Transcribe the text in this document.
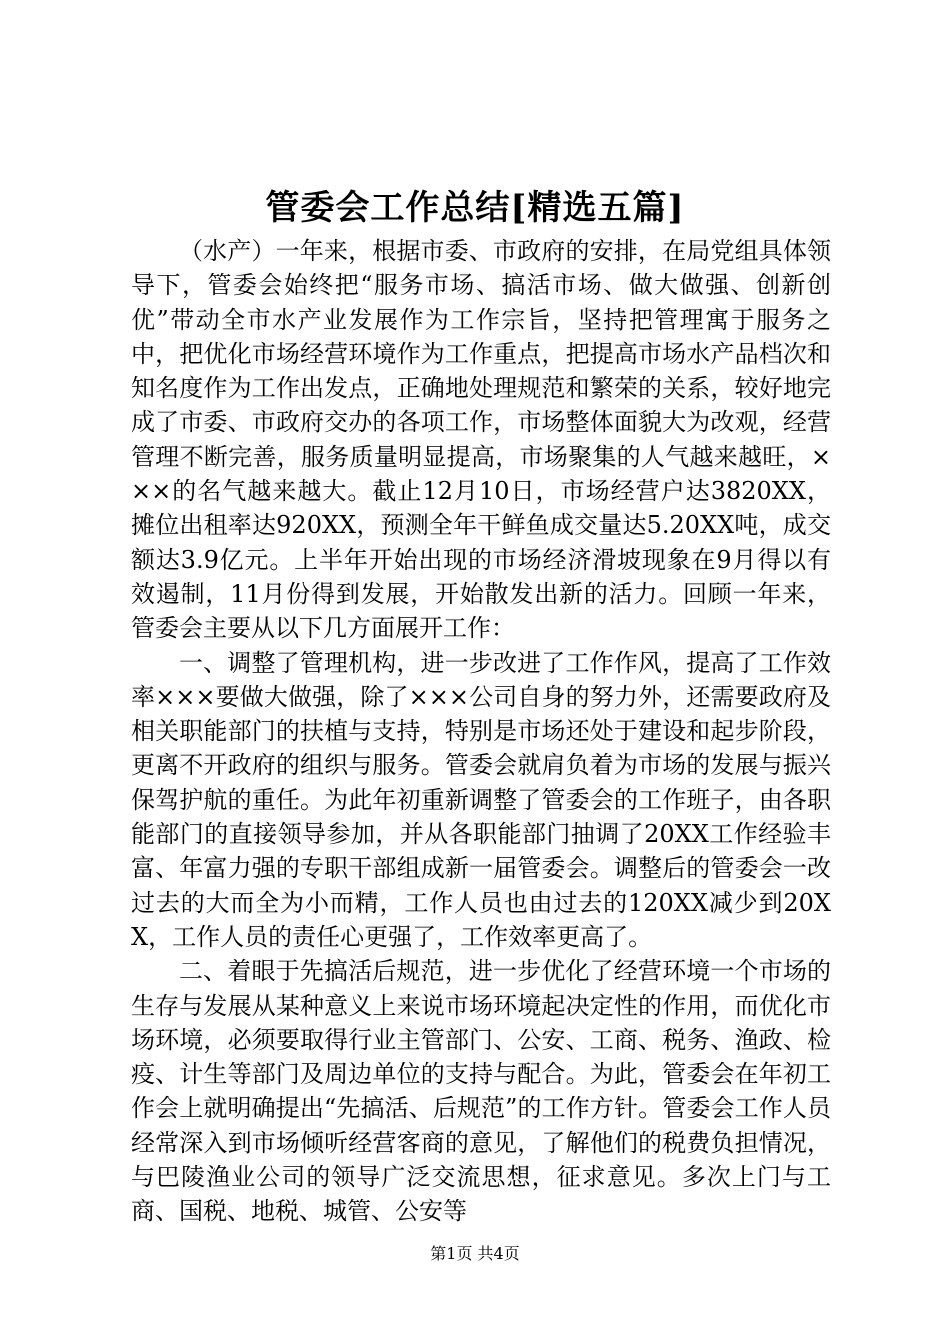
管委会工作总结[精选五篇]

（水产）一年来，根据市委、市政府的安排，在局党组具体领导下，管委会始终把“服务市场、搞活市场、做大做强、创新创优”带动全市水产业发展作为工作宗旨，坚持把管理寓于服务之中，把优化市场经营环境作为工作重点，把提高市场水产品档次和知名度作为工作出发点，正确地处理规范和繁荣的关系，较好地完成了市委、市政府交办的各项工作，市场整体面貌大为改观，经营管理不断完善，服务质量明显提高，市场聚集的人气越来越旺，×××的名气越来越大。截止12月10日，市场经营户达3820XX，摊位出租率达920XX，预测全年干鲜鱼成交量达5.20XX吨，成交额达3.9亿元。上半年开始出现的市场经济滑坡现象在9月得以有效遏制，11月份得到发展，开始散发出新的活力。回顾一年来，管委会主要从以下几方面展开工作：

一、调整了管理机构，进一步改进了工作作风，提高了工作效率×××要做大做强，除了×××公司自身的努力外，还需要政府及相关职能部门的扶植与支持，特别是市场还处于建设和起步阶段，更离不开政府的组织与服务。管委会就肩负着为市场的发展与振兴保驾护航的重任。为此年初重新调整了管委会的工作班子，由各职能部门的直接领导参加，并从各职能部门抽调了20XX工作经验丰富、年富力强的专职干部组成新一届管委会。调整后的管委会一改过去的大而全为小而精，工作人员也由过去的120XX减少到20XX，工作人员的责任心更强了，工作效率更高了。

二、着眼于先搞活后规范，进一步优化了经营环境一个市场的生存与发展从某种意义上来说市场环境起决定性的作用，而优化市场环境，必须要取得行业主管部门、公安、工商、税务、渔政、检疫、计生等部门及周边单位的支持与配合。为此，管委会在年初工作会上就明确提出“先搞活、后规范”的工作方针。管委会工作人员经常深入到市场倾听经营客商的意见，了解他们的税费负担情况，与巴陵渔业公司的领导广泛交流思想，征求意见。多次上门与工商、国税、地税、城管、公安等

第1页 共4页
